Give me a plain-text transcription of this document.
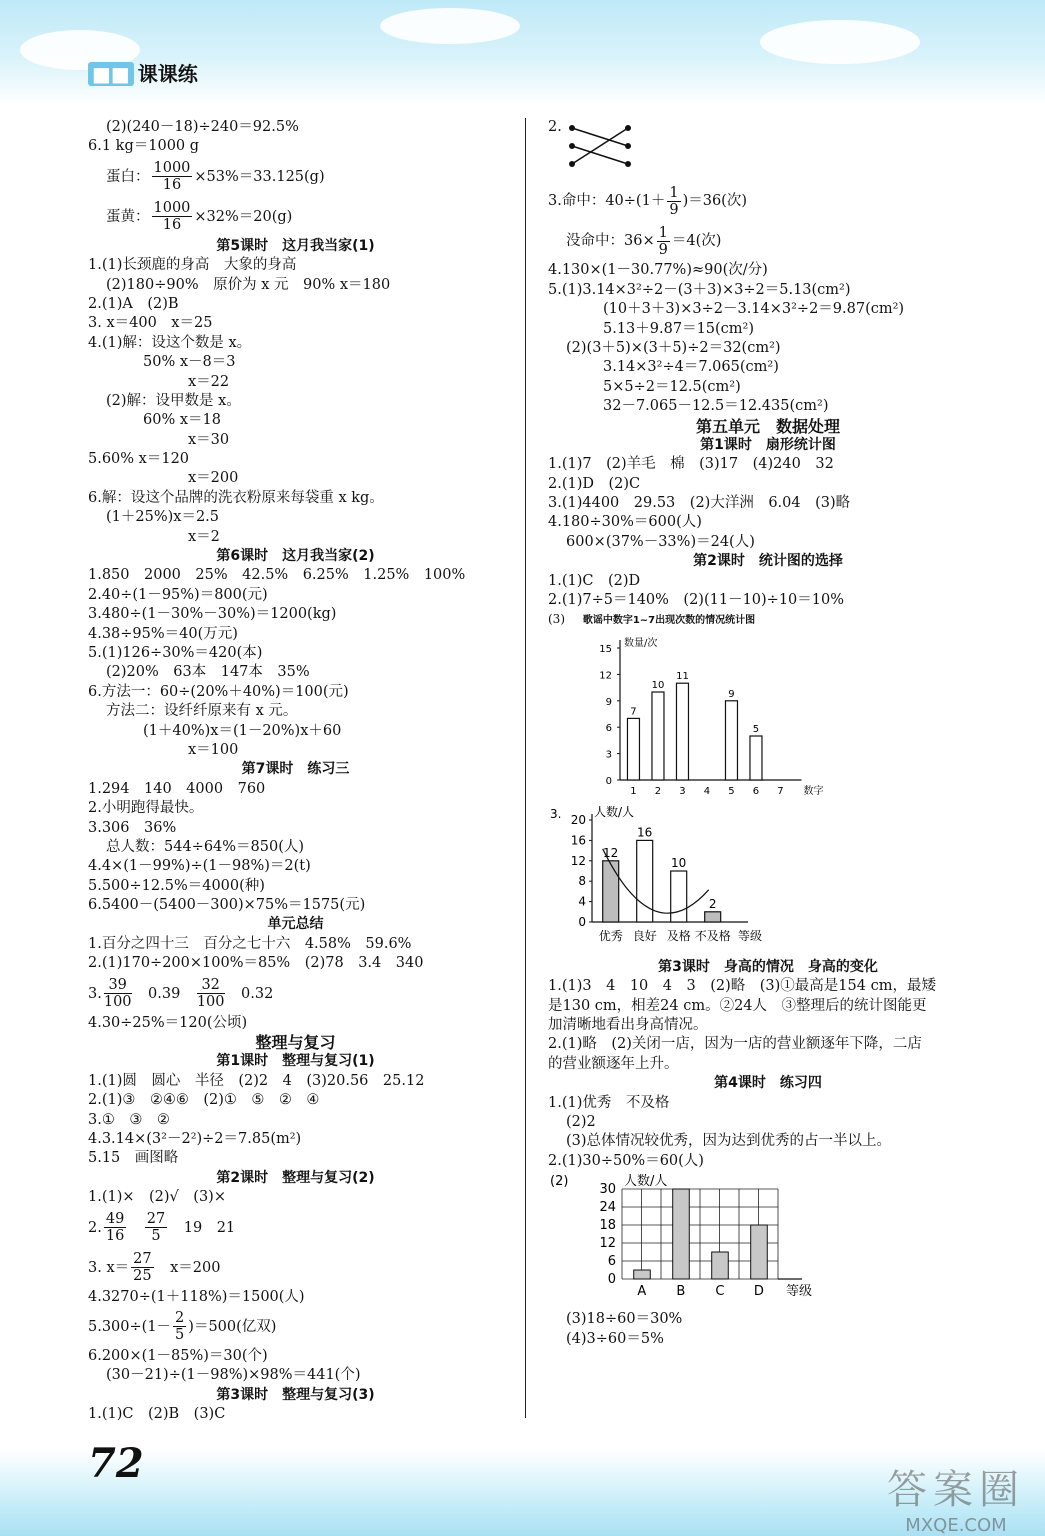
■■ 课课练
(2)(240－18)÷240＝92.5%
6.1 kg＝1000 g
蛋白： $\frac{1000}{16} \times 53\%=33.125(g)$
蛋黄： $\frac{1000}{16} \times 32\%=20(g)$
第5课时　这月我当家(1)
1.(1)长颈鹿的身高　大象的身高
(2)180÷90%　原价为 x 元　90% x＝180
2.(1)A　(2)B
3. x＝400　x＝25
4.(1)解：设这个数是 x。
50% x－8＝3
x＝22
(2)解：设甲数是 x。
60% x＝18
x＝30
5.60% x＝120
x＝200
6.解：设这个品牌的洗衣粉原来每袋重 x kg。
(1＋25%)x＝2.5
x＝2
第6课时　这月我当家(2)
1.850　2000　25%　42.5%　6.25%　1.25%　100%
2.40÷(1－95%)＝800(元)
3.480÷(1－30%－30%)＝1200(kg)
4.38÷95%＝40(万元)
5.(1)126÷30%＝420(本)
(2)20%　63本　147本　35%
6.方法一：60÷(20%＋40%)＝100(元)
方法二：设纤纤原来有 x 元。
(1＋40%)x＝(1－20%)x＋60
x＝100
第7课时　练习三
1.294　140　4000　760
2.小明跑得最快。
3.306　36%
总人数：544÷64%＝850(人)
4.4×(1－99%)÷(1－98%)＝2(t)
5.500÷12.5%＝4000(种)
6.5400－(5400－300)×75%＝1575(元)
单元总结
1.百分之四十三　百分之七十六　4.58%　59.6%
2.(1)170÷200×100%＝85%　(2)78　3.4　340
3. $\frac{39}{100}$ 　0.39　 $\frac{32}{100}$ 　0.32
4.30÷25%＝120(公顷)
整理与复习
第1课时　整理与复习(1)
1.(1)圆　圆心　半径　(2)2　4　(3)20.56　25.12
2.(1)③　②④⑥　(2)①　⑤　②　④
3.①　③　②
4.3.14×(3²－2²)÷2＝7.85(m²)
5.15　画图略
第2课时　整理与复习(2)
1.(1)×　(2)√　(3)×
2. $\frac{49}{16}$
　 $\frac{27}{5}$ 　19　21
3. $x= \frac{27}{25}$ 　x＝200
4.3270÷(1＋118%)＝1500(人)
$5.300\div(1- \frac{2}{5} )=500$(亿双)
6.200×(1－85%)＝30(个)
(30－21)÷(1－98%)×98%＝441(个)
第3课时　整理与复习(3)
1.(1)C　(2)B　(3)C
2.
3.命中：$40\div(1+ \frac{1}{9} )=36$(次)
没命中：$36\times \frac{1}{9} =4$(次)
4.130×(1－30.77%)≈90(次/分)
5.(1)3.14×3²÷2－(3＋3)×3÷2＝5.13(cm²)
(10＋3＋3)×3÷2－3.14×3²÷2＝9.87(cm²)
5.13＋9.87＝15(cm²)
(2)(3＋5)×(3＋5)÷2＝32(cm²)
3.14×3²÷4＝7.065(cm²)
5×5÷2＝12.5(cm²)
32－7.065－12.5＝12.435(cm²)
第五单元　数据处理
第1课时　扇形统计图
1.(1)7　(2)羊毛　棉　(3)17　(4)240　32
2.(1)D　(2)C
3.(1)4400　29.53　(2)大洋洲　6.04　(3)略
4.180÷30%＝600(人)
600×(37%－33%)＝24(人)
第2课时　统计图的选择
1.(1)C　(2)D
2.(1)7÷5＝140%　(2)(11－10)÷10＝10%
(3) 歌谣中数字1~7出现次数的情况统计图
数量/次
0
3
6
9
12
15
7
1
10
2
11
3 4
9
5
5
6 7 数字

3.	人数/人
0
4
8
12
16
20
12
优秀
16
良好
10
及格
2
不及格 等级
第3课时　身高的情况　身高的变化
1.(1)3　4　10　4　3　(2)略　(3)①最高是154 cm，最矮
是130 cm，相差24 cm。②24人　③整理后的统计图能更
加清晰地看出身高情况。
2.(1)略　(2)关闭一店，因为一店的营业额逐年下降，二店
的营业额逐年上升。
第4课时　练习四
1.(1)优秀　不及格
(2)2
(3)总体情况较优秀，因为达到优秀的占一半以上。
2.(1)30÷50%＝60(人)
(2)	人数/人
0
6
12
18
24
30
A B C D 等级
(3)18÷60＝30%
(4)3÷60＝5%
72
答案圈
MXQE.COM
